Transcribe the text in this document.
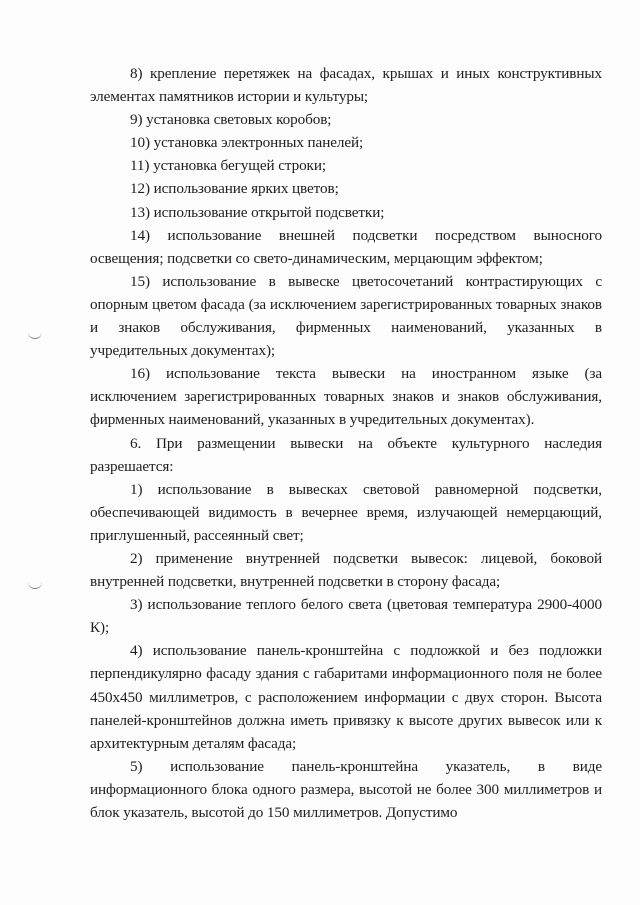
8) крепление перетяжек на фасадах, крышах и иных конструктивных элементах памятников истории и культуры;

9) установка световых коробов;

10) установка электронных панелей;

11) установка бегущей строки;

12) использование ярких цветов;

13) использование открытой подсветки;

14) использование внешней подсветки посредством выносного освещения; подсветки со свето-динамическим, мерцающим эффектом;

15) использование в вывеске цветосочетаний контрастирующих с опорным цветом фасада (за исключением зарегистрированных товарных знаков и знаков обслуживания, фирменных наименований, указанных в учредительных документах);

16) использование текста вывески на иностранном языке (за исключением зарегистрированных товарных знаков и знаков обслуживания, фирменных наименований, указанных в учредительных документах).

6. При размещении вывески на объекте культурного наследия разрешается:

1) использование в вывесках световой равномерной подсветки, обеспечивающей видимость в вечернее время, излучающей немерцающий, приглушенный, рассеянный свет;

2) применение внутренней подсветки вывесок: лицевой, боковой внутренней подсветки, внутренней подсветки в сторону фасада;

3) использование теплого белого света (цветовая температура 2900-4000 К);

4) использование панель-кронштейна с подложкой и без подложки перпендикулярно фасаду здания с габаритами информационного поля не более 450х450 миллиметров, с расположением информации с двух сторон. Высота панелей-кронштейнов должна иметь привязку к высоте других вывесок или к архитектурным деталям фасада;

5) использование панель-кронштейна указатель, в виде информационного блока одного размера, высотой не более 300 миллиметров и блок указатель, высотой до 150 миллиметров. Допустимо
